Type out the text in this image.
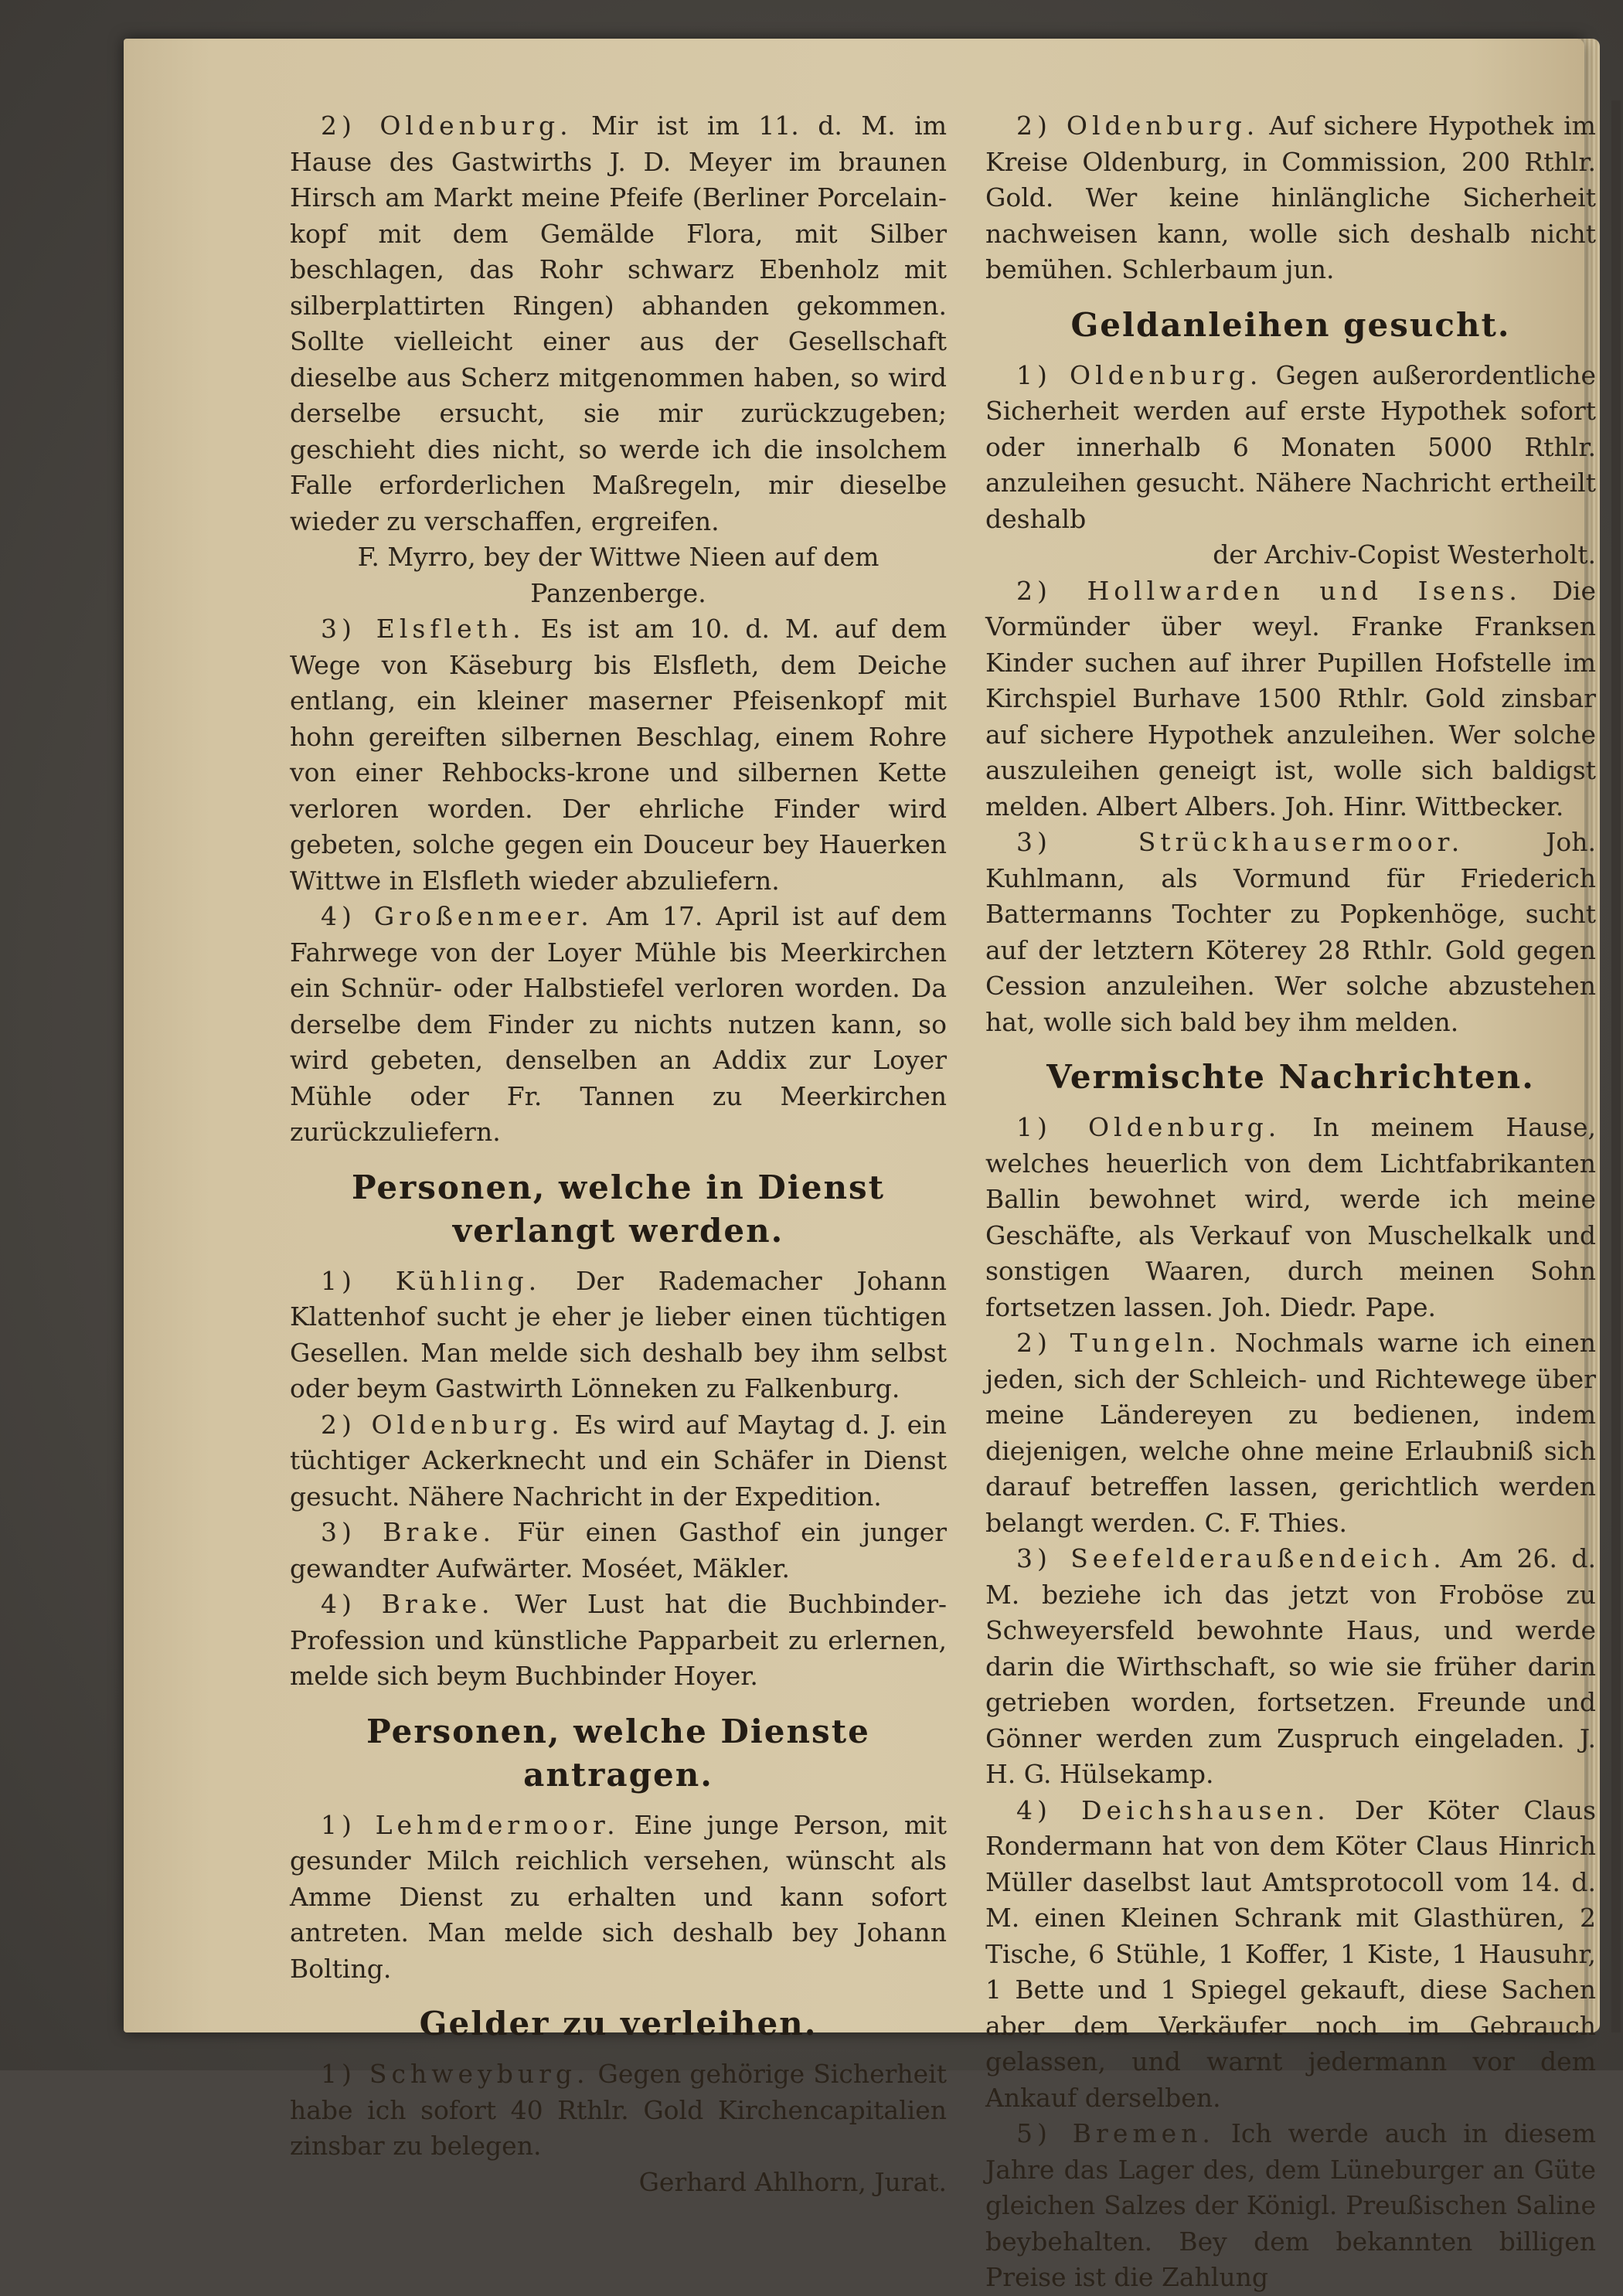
2) Oldenburg. Mir ist im 11. d. M. im Hause des Gastwirths J. D. Meyer im braunen Hirsch am Markt meine Pfeife (Berliner Porcelain-kopf mit dem Gemälde Flora, mit Silber beschlagen, das Rohr schwarz Ebenholz mit silberplattirten Ringen) abhanden gekommen. Sollte vielleicht einer aus der Gesellschaft dieselbe aus Scherz mitgenommen haben, so wird derselbe ersucht, sie mir zurückzugeben; geschieht dies nicht, so werde ich die insolchem Falle erforderlichen Maßregeln, mir dieselbe wieder zu verschaffen, ergreifen.

F. Myrro, bey der Wittwe Nieen auf dem Panzenberge.

3) Elsfleth. Es ist am 10. d. M. auf dem Wege von Käseburg bis Elsfleth, dem Deiche entlang, ein kleiner maserner Pfeisenkopf mit hohn gereiften silbernen Beschlag, einem Rohre von einer Rehbocks-krone und silbernen Kette verloren worden. Der ehrliche Finder wird gebeten, solche gegen ein Douceur bey Hauerken Wittwe in Elsfleth wieder abzuliefern.

4) Großenmeer. Am 17. April ist auf dem Fahrwege von der Loyer Mühle bis Meerkirchen ein Schnür- oder Halbstiefel verloren worden. Da derselbe dem Finder zu nichts nutzen kann, so wird gebeten, denselben an Addix zur Loyer Mühle oder Fr. Tannen zu Meerkirchen zurückzuliefern.

Personen, welche in Dienst verlangt werden.

1) Kühling. Der Rademacher Johann Klattenhof sucht je eher je lieber einen tüchtigen Gesellen. Man melde sich deshalb bey ihm selbst oder beym Gastwirth Lönneken zu Falkenburg.

2) Oldenburg. Es wird auf Maytag d. J. ein tüchtiger Ackerknecht und ein Schäfer in Dienst gesucht. Nähere Nachricht in der Expedition.

3) Brake. Für einen Gasthof ein junger gewandter Aufwärter. Moséet, Mäkler.

4) Brake. Wer Lust hat die Buchbinder-Profession und künstliche Papparbeit zu erlernen, melde sich beym Buchbinder Hoyer.

Personen, welche Dienste antragen.

1) Lehmdermoor. Eine junge Person, mit gesunder Milch reichlich versehen, wünscht als Amme Dienst zu erhalten und kann sofort antreten. Man melde sich deshalb bey Johann Bolting.

Gelder zu verleihen.

1) Schweyburg. Gegen gehörige Sicherheit habe ich sofort 40 Rthlr. Gold Kirchencapitalien zinsbar zu belegen.

Gerhard Ahlhorn, Jurat.

2) Oldenburg. Auf sichere Hypothek im Kreise Oldenburg, in Commission, 200 Rthlr. Gold. Wer keine hinlängliche Sicherheit nachweisen kann, wolle sich deshalb nicht bemühen. Schlerbaum jun.

Geldanleihen gesucht.

1) Oldenburg. Gegen außerordentliche Sicherheit werden auf erste Hypothek sofort oder innerhalb 6 Monaten 5000 Rthlr. anzuleihen gesucht. Nähere Nachricht ertheilt deshalb

der Archiv-Copist Westerholt.

2) Hollwarden und Isens. Die Vormünder über weyl. Franke Franksen Kinder suchen auf ihrer Pupillen Hofstelle im Kirchspiel Burhave 1500 Rthlr. Gold zinsbar auf sichere Hypothek anzuleihen. Wer solche auszuleihen geneigt ist, wolle sich baldigst melden. Albert Albers. Joh. Hinr. Wittbecker.

3) Strückhausermoor.	Joh. Kuhlmann, als Vormund für Friederich Battermanns Tochter zu Popkenhöge, sucht auf der letztern Köterey 28 Rthlr. Gold gegen Cession anzuleihen. Wer solche abzustehen hat, wolle sich bald bey ihm melden.

Vermischte Nachrichten.

1) Oldenburg. In meinem Hause, welches heuerlich von dem Lichtfabrikanten Ballin bewohnet wird, werde ich meine Geschäfte, als Verkauf von Muschelkalk und sonstigen Waaren, durch meinen Sohn fortsetzen lassen. Joh. Diedr. Pape.

2) Tungeln. Nochmals warne ich einen jeden, sich der Schleich- und Richtewege über meine Ländereyen zu bedienen, indem diejenigen, welche ohne meine Erlaubniß sich darauf betreffen lassen, gerichtlich werden belangt werden. C. F. Thies.

3) Seefelderaußendeich. Am 26. d. M. beziehe ich das jetzt von Froböse zu Schweyersfeld bewohnte Haus, und werde darin die Wirthschaft, so wie sie früher darin getrieben worden, fortsetzen. Freunde und Gönner werden zum Zuspruch eingeladen. J. H. G. Hülsekamp.

4) Deichshausen. Der Köter Claus Rondermann hat von dem Köter Claus Hinrich Müller daselbst laut Amtsprotocoll vom 14. d. M. einen Kleinen Schrank mit Glasthüren, 2 Tische, 6 Stühle, 1 Koffer, 1 Kiste, 1 Hausuhr, 1 Bette und 1 Spiegel gekauft, diese Sachen aber dem Verkäufer noch im Gebrauch gelassen, und warnt jedermann vor dem Ankauf derselben.

5) Bremen. Ich werde auch in diesem Jahre das Lager des, dem Lüneburger an Güte gleichen Salzes der Königl. Preußischen Saline beybehalten. Bey dem bekannten billigen Preise ist die Zahlung
